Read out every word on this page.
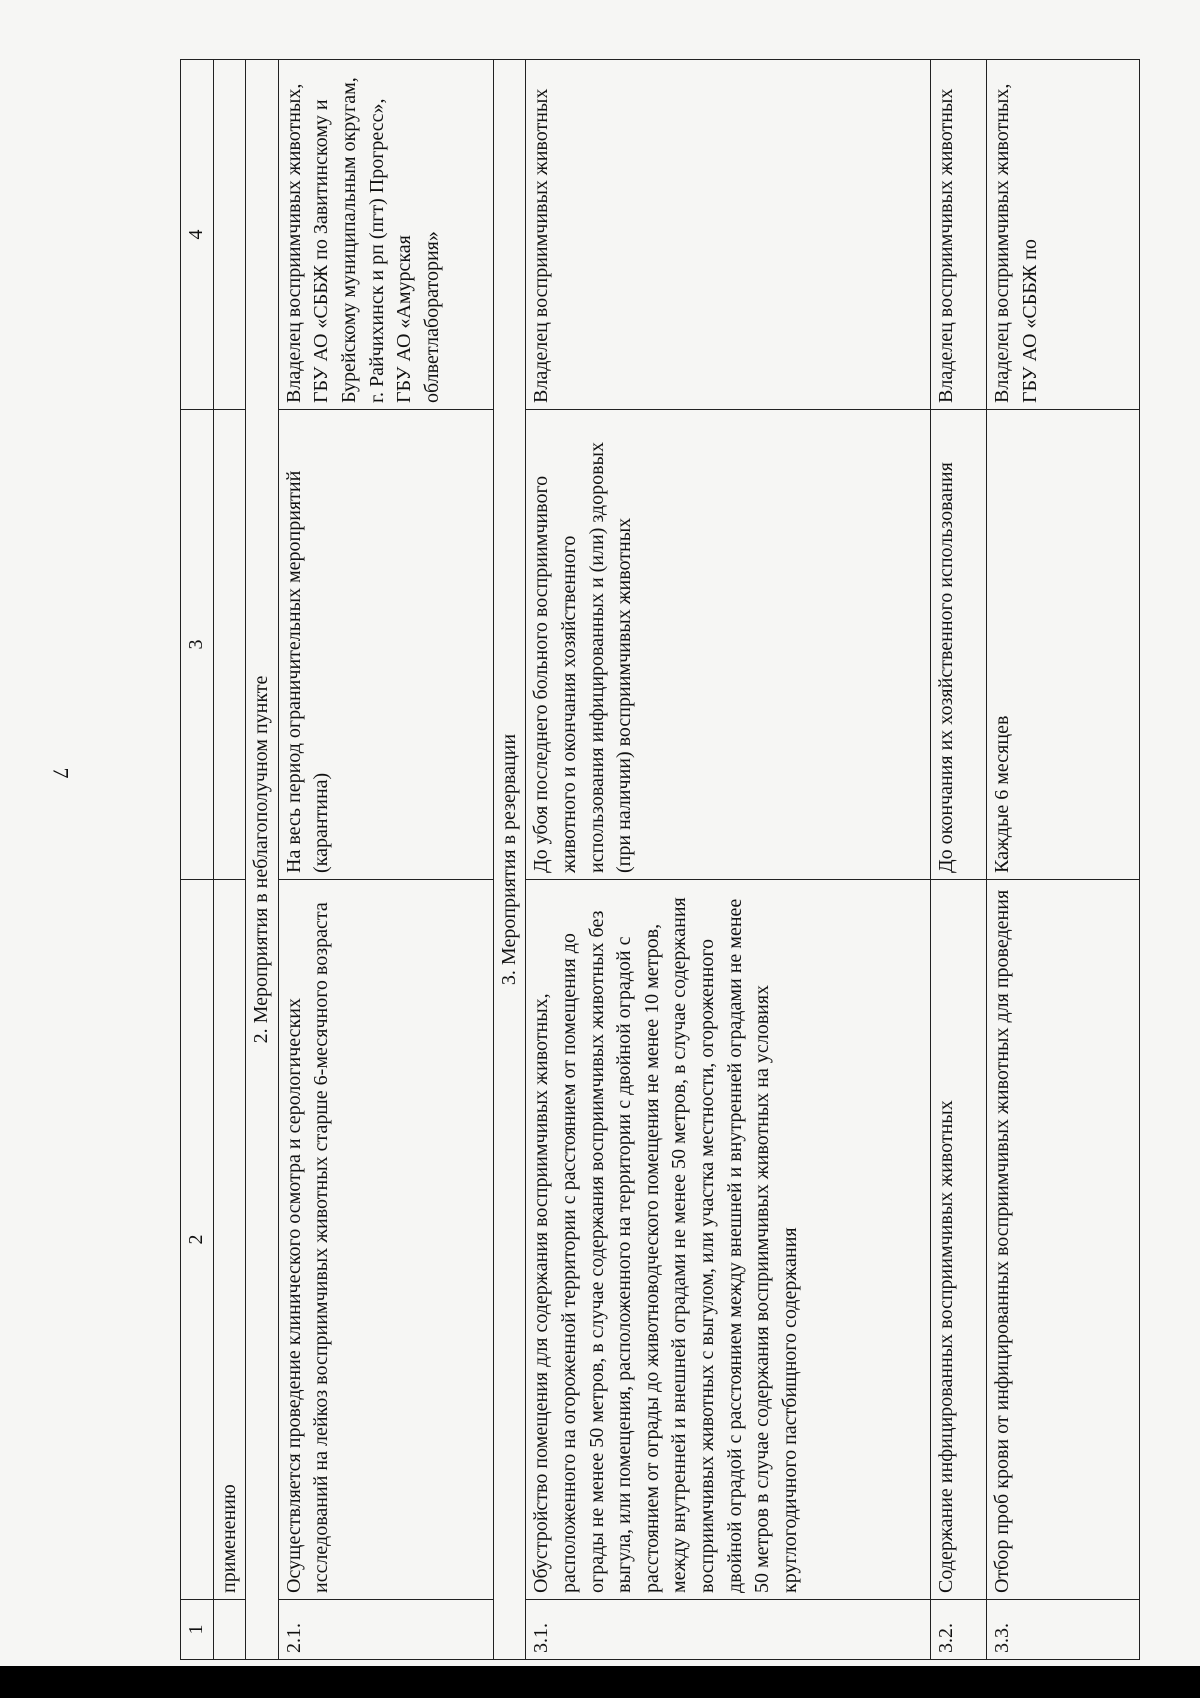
7
1	2	3	4
	применению		
2. Мероприятия в неблагополучном пункте			
2.1.	Осуществляется проведение клинического осмотра и серологических исследований на лейкоз восприимчивых животных старше 6-месячного возраста	На весь период ограничительных мероприятий (карантина)	Владелец восприимчивых животных, ГБУ АО «СББЖ по Завитинскому и Бурейскому муниципальным округам, г. Райчихинск и рп (пгт) Прогресс», ГБУ АО «Амурская облветлаборатория»
3. Мероприятия в резервации			
3.1.	Обустройство помещения для содержания восприимчивых животных, расположенного на огороженной территории с расстоянием от помещения до ограды не менее 50 метров, в случае содержания восприимчивых животных без выгула, или помещения, расположенного на территории с двойной оградой с расстоянием от ограды до животноводческого помещения не менее 10 метров, между внутренней и внешней оградами не менее 50 метров, в случае содержания восприимчивых животных с выгулом, или участка местности, огороженного двойной оградой с расстоянием между внешней и внутренней оградами не менее 50 метров в случае содержания восприимчивых животных на условиях круглогодичного пастбищного содержания	До убоя последнего больного восприимчивого животного и окончания хозяйственного использования инфицированных и (или) здоровых (при наличии) восприимчивых животных	Владелец восприимчивых животных
3.2.	Содержание инфицированных восприимчивых животных	До окончания их хозяйственного использования	Владелец восприимчивых животных
3.3.	Отбор проб крови от инфицированных восприимчивых животных для проведения	Каждые 6 месяцев	Владелец восприимчивых животных, ГБУ АО «СББЖ по
